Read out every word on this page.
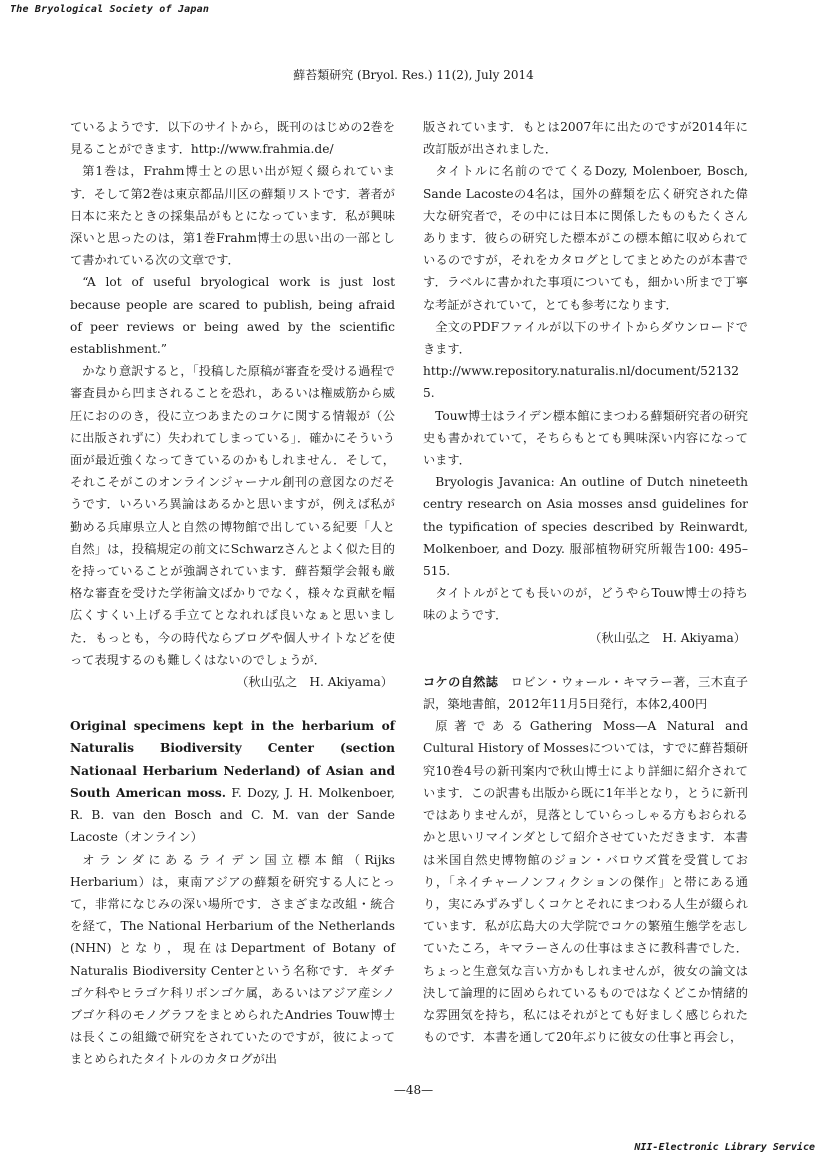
The Bryological Society of Japan
蘚苔類研究 (Bryol. Res.) 11(2), July 2014

ているようです．以下のサイトから，既刊のはじめの2巻を見ることができます．http://www.frahmia.de/

第1巻は，Frahm博士との思い出が短く綴られています．そして第2巻は東京都品川区の蘚類リストです．著者が日本に来たときの採集品がもとになっています．私が興味深いと思ったのは，第1巻Frahm博士の思い出の一部として書かれている次の文章です．

“A lot of useful bryological work is just lost because people are scared to publish, being afraid of peer reviews or being awed by the scientific establishment.”

かなり意訳すると，「投稿した原稿が審査を受ける過程で審査員から凹まされることを恐れ，あるいは権威筋から威圧におののき，役に立つあまたのコケに関する情報が（公に出版されずに）失われてしまっている」．確かにそういう面が最近強くなってきているのかもしれません．そして，それこそがこのオンラインジャーナル創刊の意図なのだそうです．いろいろ異論はあるかと思いますが，例えば私が勤める兵庫県立人と自然の博物館で出している紀要「人と自然」は，投稿規定の前文にSchwarzさんとよく似た目的を持っていることが強調されています．蘚苔類学会報も厳格な審査を受けた学術論文ばかりでなく，様々な貢献を幅広くすくい上げる手立てとなれれば良いなぁと思いました．もっとも，今の時代ならブログや個人サイトなどを使って表現するのも難しくはないのでしょうが．

（秋山弘之　H. Akiyama）

Original specimens kept in the herbarium of Naturalis Biodiversity Center (section Nationaal Herbarium Nederland) of Asian and South American moss. F. Dozy, J. H. Molkenboer, R. B. van den Bosch and C. M. van der Sande Lacoste（オンライン）

オランダにあるライデン国立標本館（Rijks Herbarium）は，東南アジアの蘚類を研究する人にとって，非常になじみの深い場所です．さまざまな改組・統合を経て，The National Herbarium of the Netherlands (NHN) となり，現在はDepartment of Botany of Naturalis Biodiversity Centerという名称です．キダチゴケ科やヒラゴケ科リボンゴケ属，あるいはアジア産シノブゴケ科のモノグラフをまとめられたAndries Touw博士は長くこの組織で研究をされていたのですが，彼によってまとめられたタイトルのカタログが出

版されています．もとは2007年に出たのですが2014年に改訂版が出されました．

タイトルに名前のでてくるDozy, Molenboer, Bosch, Sande Lacosteの4名は，国外の蘚類を広く研究された偉大な研究者で，その中には日本に関係したものもたくさんあります．彼らの研究した標本がこの標本館に収められているのですが，それをカタログとしてまとめたのが本書です．ラベルに書かれた事項についても，細かい所まで丁寧な考証がされていて，とても参考になります．

全文のPDFファイルが以下のサイトからダウンロードできます．

http://www.repository.naturalis.nl/document/521325.

Touw博士はライデン標本館にまつわる蘚類研究者の研究史も書かれていて，そちらもとても興味深い内容になっています．

Bryologis Javanica: An outline of Dutch nineteeth centry research on Asia mosses ansd guidelines for the typification of species described by Reinwardt, Molkenboer, and Dozy. 服部植物研究所報告100: 495–515.

タイトルがとても長いのが，どうやらTouw博士の持ち味のようです．

（秋山弘之　H. Akiyama）

コケの自然誌　ロビン・ウォール・キマラー著，三木直子訳，築地書館，2012年11月5日発行，本体2,400円

原著であるGathering Moss—A Natural and Cultural History of Mossesについては，すでに蘚苔類研究10巻4号の新刊案内で秋山博士により詳細に紹介されています．この訳書も出版から既に1年半となり，とうに新刊ではありませんが，見落としていらっしゃる方もおられるかと思いリマインダとして紹介させていただきます．本書は米国自然史博物館のジョン・バロウズ賞を受賞しており，「ネイチャーノンフィクションの傑作」と帯にある通り，実にみずみずしくコケとそれにまつわる人生が綴られています．私が広島大の大学院でコケの繁殖生態学を志していたころ，キマラーさんの仕事はまさに教科書でした．ちょっと生意気な言い方かもしれませんが，彼女の論文は決して論理的に固められているものではなくどこか情緒的な雰囲気を持ち，私にはそれがとても好ましく感じられたものです．本書を通して20年ぶりに彼女の仕事と再会し，

—48—
NII-Electronic Library Service
